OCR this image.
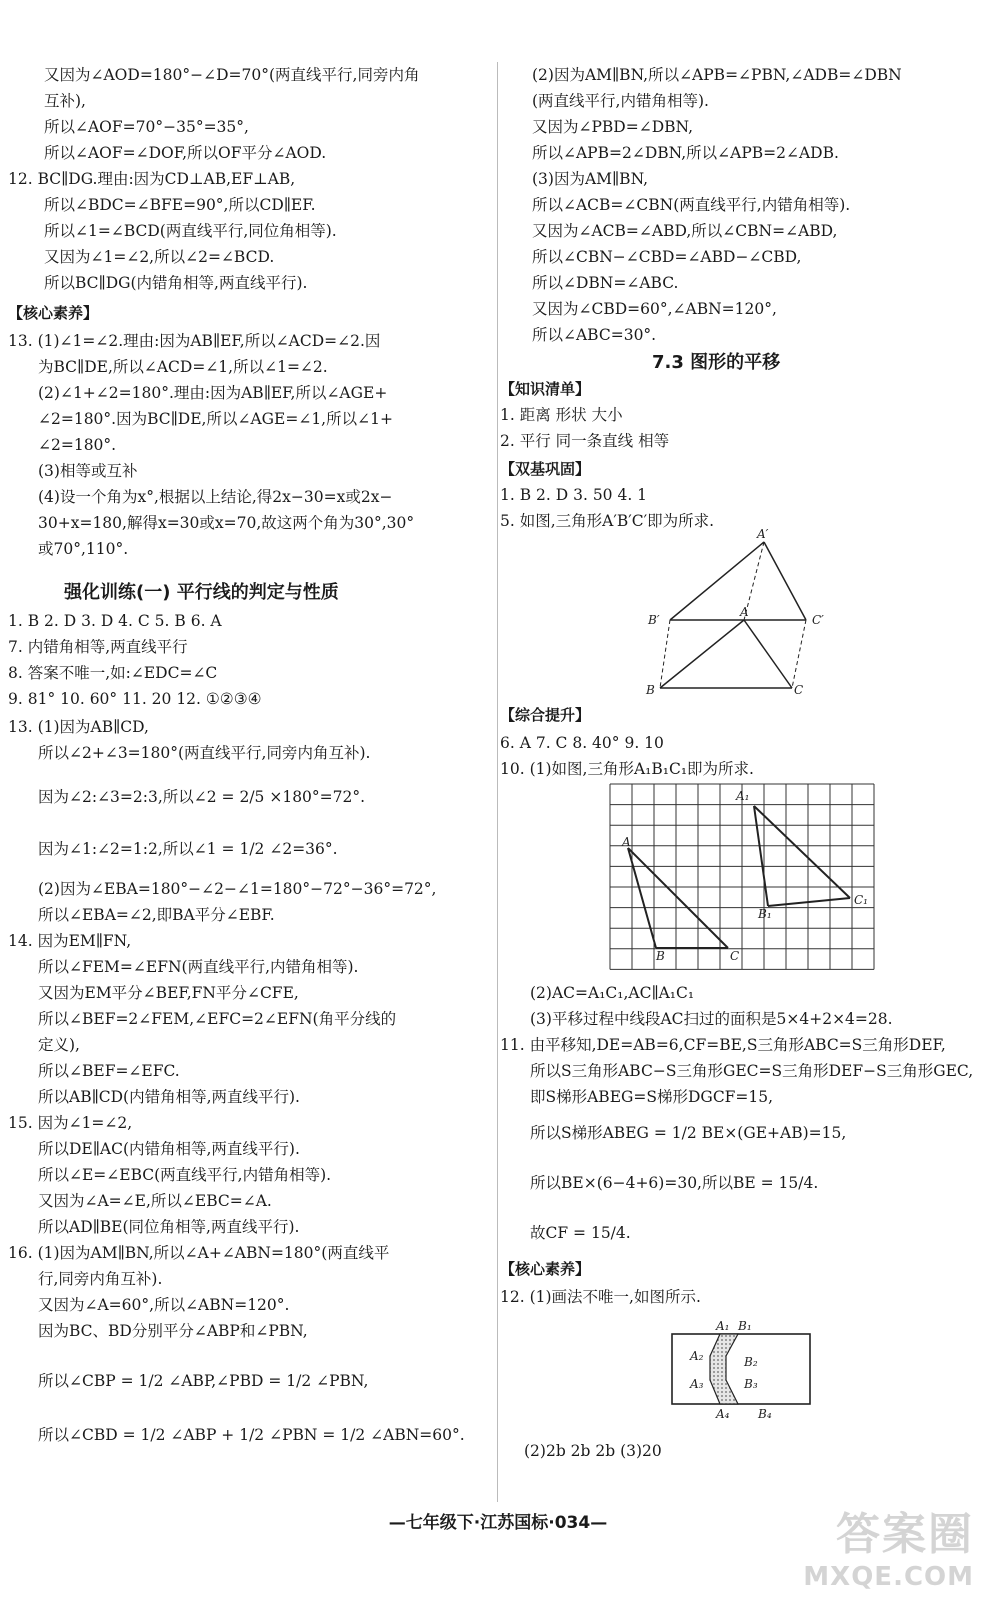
A′
B′
A
C′
B	C
A₁
A
B₁
C₁
B	C
A₁ B₁
A₂	B₂
A₃	B₃
A₄ B₄
—七年级下·江苏国标·034—	答案圈
MXQE.COM
又因为∠AOD=180°−∠D=70°(两直线平行,同旁内角
互补),
所以∠AOF=70°−35°=35°,
所以∠AOF=∠DOF,所以OF平分∠AOD.
12. BC∥DG.理由:因为CD⊥AB,EF⊥AB,
所以∠BDC=∠BFE=90°,所以CD∥EF.
所以∠1=∠BCD(两直线平行,同位角相等).
又因为∠1=∠2,所以∠2=∠BCD.
所以BC∥DG(内错角相等,两直线平行).
13. (1)∠1=∠2.理由:因为AB∥EF,所以∠ACD=∠2.因
为BC∥DE,所以∠ACD=∠1,所以∠1=∠2.
(2)∠1+∠2=180°.理由:因为AB∥EF,所以∠AGE+
∠2=180°.因为BC∥DE,所以∠AGE=∠1,所以∠1+
∠2=180°.
(3)相等或互补
(4)设一个角为x°,根据以上结论,得2x−30=x或2x−
30+x=180,解得x=30或x=70,故这两个角为30°,30°
或70°,110°.
1. B 2. D 3. D 4. C 5. B 6. A
7. 内错角相等,两直线平行
8. 答案不唯一,如:∠EDC=∠C
9. 81° 10. 60° 11. 20 12. ①②③④
13. (1)因为AB∥CD,
所以∠2+∠3=180°(两直线平行,同旁内角互补).
因为∠2:∠3=2:3,所以∠2 = 2/5 ×180°=72°.
因为∠1:∠2=1:2,所以∠1 = 1/2 ∠2=36°.
(2)因为∠EBA=180°−∠2−∠1=180°−72°−36°=72°,
所以∠EBA=∠2,即BA平分∠EBF.
14. 因为EM∥FN,
所以∠FEM=∠EFN(两直线平行,内错角相等).
又因为EM平分∠BEF,FN平分∠CFE,
所以∠BEF=2∠FEM,∠EFC=2∠EFN(角平分线的
定义),
所以∠BEF=∠EFC.
所以AB∥CD(内错角相等,两直线平行).
15. 因为∠1=∠2,
所以DE∥AC(内错角相等,两直线平行).
所以∠E=∠EBC(两直线平行,内错角相等).
又因为∠A=∠E,所以∠EBC=∠A.
所以AD∥BE(同位角相等,两直线平行).
16. (1)因为AM∥BN,所以∠A+∠ABN=180°(两直线平
行,同旁内角互补).
又因为∠A=60°,所以∠ABN=120°.
因为BC、BD分别平分∠ABP和∠PBN,
所以∠CBP = 1/2 ∠ABP,∠PBD = 1/2 ∠PBN,
所以∠CBD = 1/2 ∠ABP + 1/2 ∠PBN = 1/2 ∠ABN=60°.
【核心素养】
强化训练(一) 平行线的判定与性质
(2)因为AM∥BN,所以∠APB=∠PBN,∠ADB=∠DBN
(两直线平行,内错角相等).
又因为∠PBD=∠DBN,
所以∠APB=2∠DBN,所以∠APB=2∠ADB.
(3)因为AM∥BN,
所以∠ACB=∠CBN(两直线平行,内错角相等).
又因为∠ACB=∠ABD,所以∠CBN=∠ABD,
所以∠CBN−∠CBD=∠ABD−∠CBD,
所以∠DBN=∠ABC.
又因为∠CBD=60°,∠ABN=120°,
所以∠ABC=30°.
1. 距离 形状 大小
2. 平行 同一条直线 相等
1. B 2. D 3. 50 4. 1
5. 如图,三角形A′B′C′即为所求.
6. A 7. C 8. 40° 9. 10
10. (1)如图,三角形A₁B₁C₁即为所求.
(2)AC=A₁C₁,AC∥A₁C₁
(3)平移过程中线段AC扫过的面积是5×4+2×4=28.
11. 由平移知,DE=AB=6,CF=BE,S三角形ABC=S三角形DEF,
所以S三角形ABC−S三角形GEC=S三角形DEF−S三角形GEC,
即S梯形ABEG=S梯形DGCF=15,
所以S梯形ABEG = 1/2 BE×(GE+AB)=15,
所以BE×(6−4+6)=30,所以BE = 15/4.
故CF = 15/4.
12. (1)画法不唯一,如图所示.
(2)2b 2b 2b (3)20
7.3 图形的平移
【知识清单】
【双基巩固】
【综合提升】
【核心素养】
